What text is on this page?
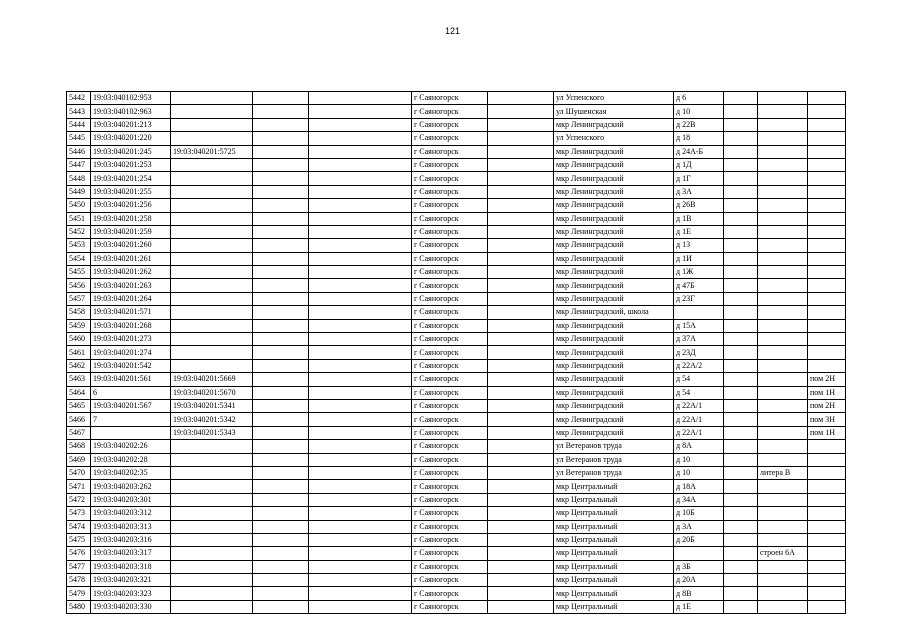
121
5442	19:03:040102:953				г Саяногорск		ул Успенского	д 6			
5443	19:03:040102:963				г Саяногорск		ул Шушенская	д 10			
5444	19:03:040201:213				г Саяногорск		мкр Ленинградский	д 22В			
5445	19:03:040201:220				г Саяногорск		ул Успенского	д 18			
5446	19:03:040201:245	19:03:040201:5725			г Саяногорск		мкр Ленинградский	д 24А-Б			
5447	19:03:040201:253				г Саяногорск		мкр Ленинградский	д 1Д			
5448	19:03:040201:254				г Саяногорск		мкр Ленинградский	д 1Г			
5449	19:03:040201:255				г Саяногорск		мкр Ленинградский	д 3А			
5450	19:03:040201:256				г Саяногорск		мкр Ленинградский	д 26В			
5451	19:03:040201:258				г Саяногорск		мкр Ленинградский	д 1В			
5452	19:03:040201:259				г Саяногорск		мкр Ленинградский	д 1Е			
5453	19:03:040201:260				г Саяногорск		мкр Ленинградский	д 13			
5454	19:03:040201:261				г Саяногорск		мкр Ленинградский	д 1И			
5455	19:03:040201:262				г Саяногорск		мкр Ленинградский	д 1Ж			
5456	19:03:040201:263				г Саяногорск		мкр Ленинградский	д 47Б			
5457	19:03:040201:264				г Саяногорск		мкр Ленинградский	д 23Г			
5458	19:03:040201:571				г Саяногорск		мкр Ленинградский, школа				
5459	19:03:040201:268				г Саяногорск		мкр Ленинградский	д 15А			
5460	19:03:040201:273				г Саяногорск		мкр Ленинградский	д 37А			
5461	19:03:040201:274				г Саяногорск		мкр Ленинградский	д 23Д			
5462	19:03:040201:542				г Саяногорск		мкр Ленинградский	д 22А/2			
5463	19:03:040201:561	19:03:040201:5669			г Саяногорск		мкр Ленинградский	д 54			пом 2Н
5464	6	19:03:040201:5670			г Саяногорск		мкр Ленинградский	д 54			пом 1Н
5465	19:03:040201:567	19:03:040201:5341			г Саяногорск		мкр Ленинградский	д 22А/1			пом 2Н
5466	7	19:03:040201:5342			г Саяногорск		мкр Ленинградский	д 22А/1			пом 3Н
5467		19:03:040201:5343			г Саяногорск		мкр Ленинградский	д 22А/1			пом 1Н
5468	19:03:040202:26				г Саяногорск		ул Ветеранов труда	д 8А			
5469	19:03:040202:28				г Саяногорск		ул Ветеранов труда	д 10			
5470	19:03:040202:35				г Саяногорск		ул Ветеранов труда	д 10		литера В	
5471	19:03:040203:262				г Саяногорск		мкр Центральный	д 18А			
5472	19:03:040203:301				г Саяногорск		мкр Центральный	д 34А			
5473	19:03:040203:312				г Саяногорск		мкр Центральный	д 10Б			
5474	19:03:040203:313				г Саяногорск		мкр Центральный	д 3А			
5475	19:03:040203:316				г Саяногорск		мкр Центральный	д 20Б			
5476	19:03:040203:317				г Саяногорск		мкр Центральный			строен 6А	
5477	19:03:040203:318				г Саяногорск		мкр Центральный	д 3Б			
5478	19:03:040203:321				г Саяногорск		мкр Центральный	д 20А			
5479	19:03:040203:323				г Саяногорск		мкр Центральный	д 8В			
5480	19:03:040203:330				г Саяногорск		мкр Центральный	д 1Е			
